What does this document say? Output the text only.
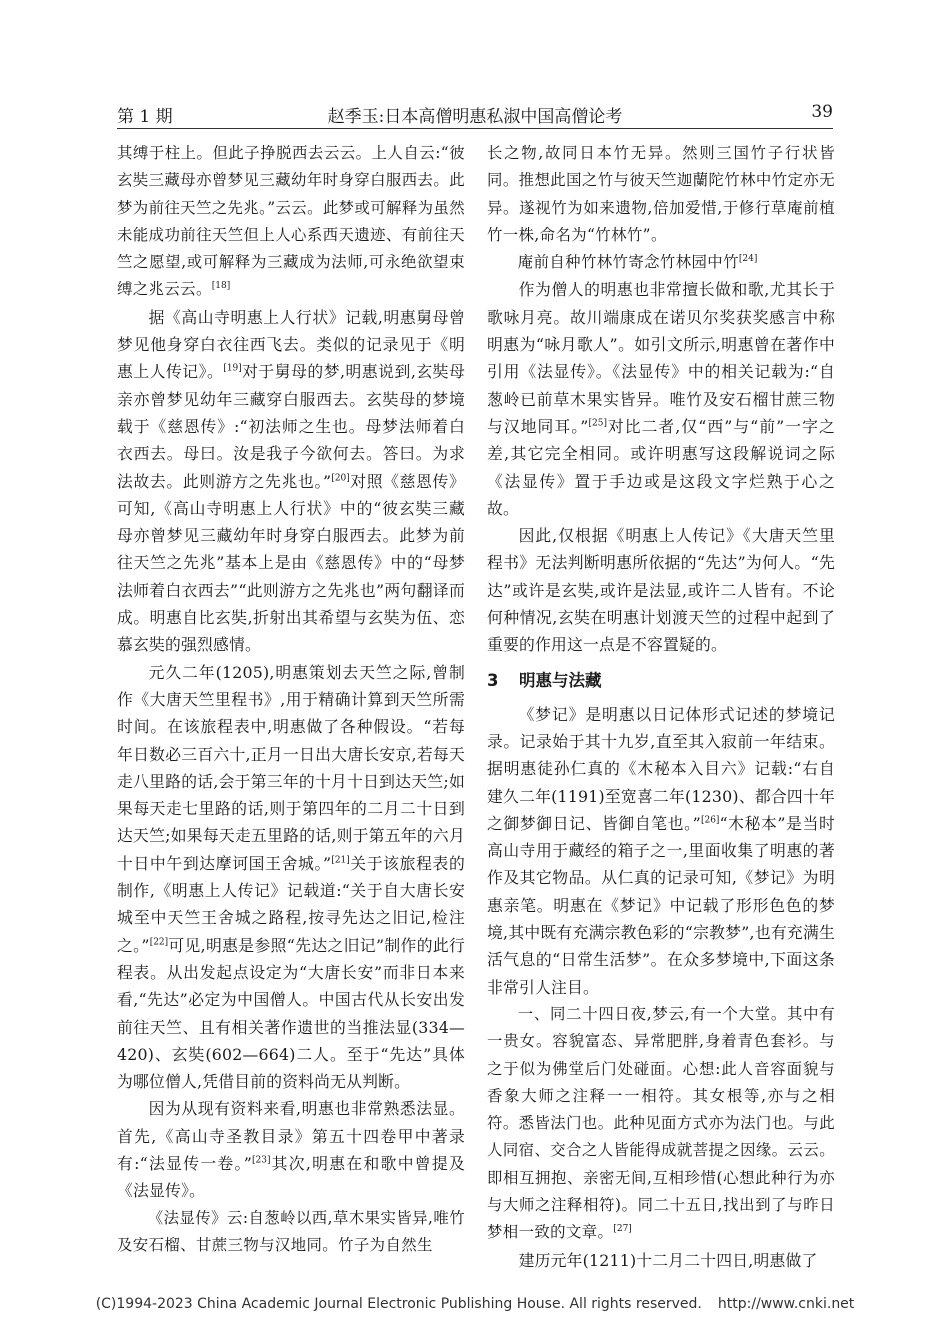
第 1 期	赵季玉:日本高僧明惠私淑中国高僧论考	39

其缚于柱上。但此子挣脱西去云云。上人自云:“彼玄奘三藏母亦曾梦见三藏幼年时身穿白服西去。此梦为前往天竺之先兆。”云云。此梦或可解释为虽然未能成功前往天竺但上人心系西天遗迹、有前往天竺之愿望,或可解释为三藏成为法师,可永绝欲望束缚之兆云云。[18]

据《高山寺明惠上人行状》记载,明惠舅母曾梦见他身穿白衣往西飞去。类似的记录见于《明惠上人传记》。[19]对于舅母的梦,明惠说到,玄奘母亲亦曾梦见幼年三藏穿白服西去。玄奘母的梦境载于《慈恩传》:“初法师之生也。母梦法师着白衣西去。母曰。汝是我子今欲何去。答曰。为求法故去。此则游方之先兆也。”[20]对照《慈恩传》可知,《高山寺明惠上人行状》中的“彼玄奘三藏母亦曾梦见三藏幼年时身穿白服西去。此梦为前往天竺之先兆”基本上是由《慈恩传》中的“母梦法师着白衣西去”“此则游方之先兆也”两句翻译而成。明惠自比玄奘,折射出其希望与玄奘为伍、恋慕玄奘的强烈感情。

元久二年(1205),明惠策划去天竺之际,曾制作《大唐天竺里程书》,用于精确计算到天竺所需时间。在该旅程表中,明惠做了各种假设。“若每年日数必三百六十,正月一日出大唐长安京,若每天走八里路的话,会于第三年的十月十日到达天竺;如果每天走七里路的话,则于第四年的二月二十日到达天竺;如果每天走五里路的话,则于第五年的六月十日中午到达摩诃国王舍城。”[21]关于该旅程表的制作,《明惠上人传记》记载道:“关于自大唐长安城至中天竺王舍城之路程,按寻先达之旧记,检注之。”[22]可见,明惠是参照“先达之旧记”制作的此行程表。从出发起点设定为“大唐长安”而非日本来看,“先达”必定为中国僧人。中国古代从长安出发前往天竺、且有相关著作遗世的当推法显(334—420)、玄奘(602—664)二人。至于“先达”具体为哪位僧人,凭借目前的资料尚无从判断。

因为从现有资料来看,明惠也非常熟悉法显。首先,《高山寺圣教目录》第五十四卷甲中著录有:“法显传一卷。”[23]其次,明惠在和歌中曾提及《法显传》。

《法显传》云:自葱岭以西,草木果实皆异,唯竹及安石榴、甘蔗三物与汉地同。竹子为自然生

长之物,故同日本竹无异。然则三国竹子行状皆同。推想此国之竹与彼天竺迦蘭陀竹林中竹定亦无异。遂视竹为如来遗物,倍加爱惜,于修行草庵前植竹一株,命名为“竹林竹”。

庵前自种竹林竹寄念竹林园中竹[24]

作为僧人的明惠也非常擅长做和歌,尤其长于歌咏月亮。故川端康成在诺贝尔奖获奖感言中称明惠为“咏月歌人”。如引文所示,明惠曾在著作中引用《法显传》。《法显传》中的相关记载为:“自葱岭已前草木果实皆异。唯竹及安石榴甘蔗三物与汉地同耳。”[25]对比二者,仅“西”与“前”一字之差,其它完全相同。或许明惠写这段解说词之际《法显传》置于手边或是这段文字烂熟于心之故。

因此,仅根据《明惠上人传记》《大唐天竺里程书》无法判断明惠所依据的“先达”为何人。“先达”或许是玄奘,或许是法显,或许二人皆有。不论何种情况,玄奘在明惠计划渡天竺的过程中起到了重要的作用这一点是不容置疑的。

3 明惠与法藏

《梦记》是明惠以日记体形式记述的梦境记录。记录始于其十九岁,直至其入寂前一年结束。据明惠徒孙仁真的《木秘本入目六》记载:“右自建久二年(1191)至宽喜二年(1230)、都合四十年之御梦御日记、皆御自笔也。”[26]“木秘本”是当时高山寺用于藏经的箱子之一,里面收集了明惠的著作及其它物品。从仁真的记录可知,《梦记》为明惠亲笔。明惠在《梦记》中记载了形形色色的梦境,其中既有充满宗教色彩的“宗教梦”,也有充满生活气息的“日常生活梦”。在众多梦境中,下面这条非常引人注目。

一、同二十四日夜,梦云,有一个大堂。其中有一贵女。容貌富态、异常肥胖,身着青色套衫。与之于似为佛堂后门处碰面。心想:此人音容面貌与香象大师之注释一一相符。其女根等,亦与之相符。悉皆法门也。此种见面方式亦为法门也。与此人同宿、交合之人皆能得成就菩提之因缘。云云。即相互拥抱、亲密无间,互相珍惜(心想此种行为亦与大师之注释相符)。同二十五日,找出到了与昨日梦相一致的文章。[27]

建历元年(1211)十二月二十四日,明惠做了

(C)1994-2023 China Academic Journal Electronic Publishing House. All rights reserved. http://www.cnki.net
